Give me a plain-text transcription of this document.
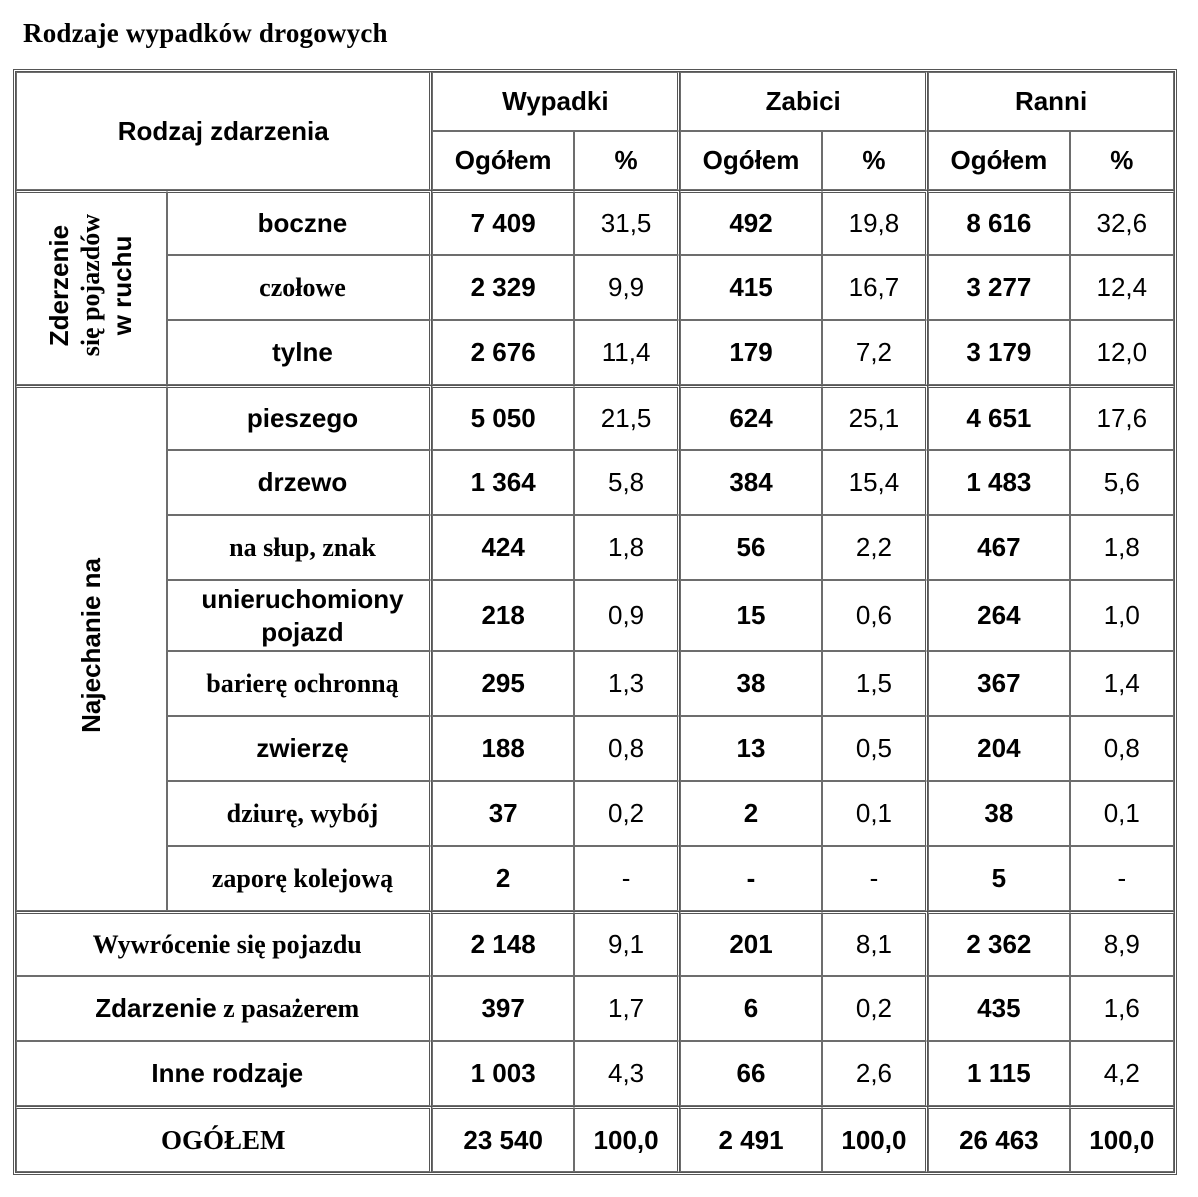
Rodzaje wypadków drogowych
Rodzaj zdarzenia		Wypadki		Zabici		Ranni	
		Ogółem	%	Ogółem	%	Ogółem	%
Zderzenie
się pojazdów
w ruchu	boczne	7 409	31,5	492	19,8	8 616	32,6
	czołowe	2 329	9,9	415	16,7	3 277	12,4
	tylne	2 676	11,4	179	7,2	3 179	12,0
Najechanie na	pieszego	5 050	21,5	624	25,1	4 651	17,6
	drzewo	1 364	5,8	384	15,4	1 483	5,6
	na słup, znak	424	1,8	56	2,2	467	1,8
	unieruchomiony
pojazd	218	0,9	15	0,6	264	1,0
	barierę ochronną	295	1,3	38	1,5	367	1,4
	zwierzę	188	0,8	13	0,5	204	0,8
	dziurę, wybój	37	0,2	2	0,1	38	0,1
	zaporę kolejową	2	-	-	-	5	-
Wywrócenie się pojazdu		2 148	9,1	201	8,1	2 362	8,9
Zdarzenie z pasażerem		397	1,7	6	0,2	435	1,6
Inne rodzaje		1 003	4,3	66	2,6	1 115	4,2
OGÓŁEM		23 540	100,0	2 491	100,0	26 463	100,0
